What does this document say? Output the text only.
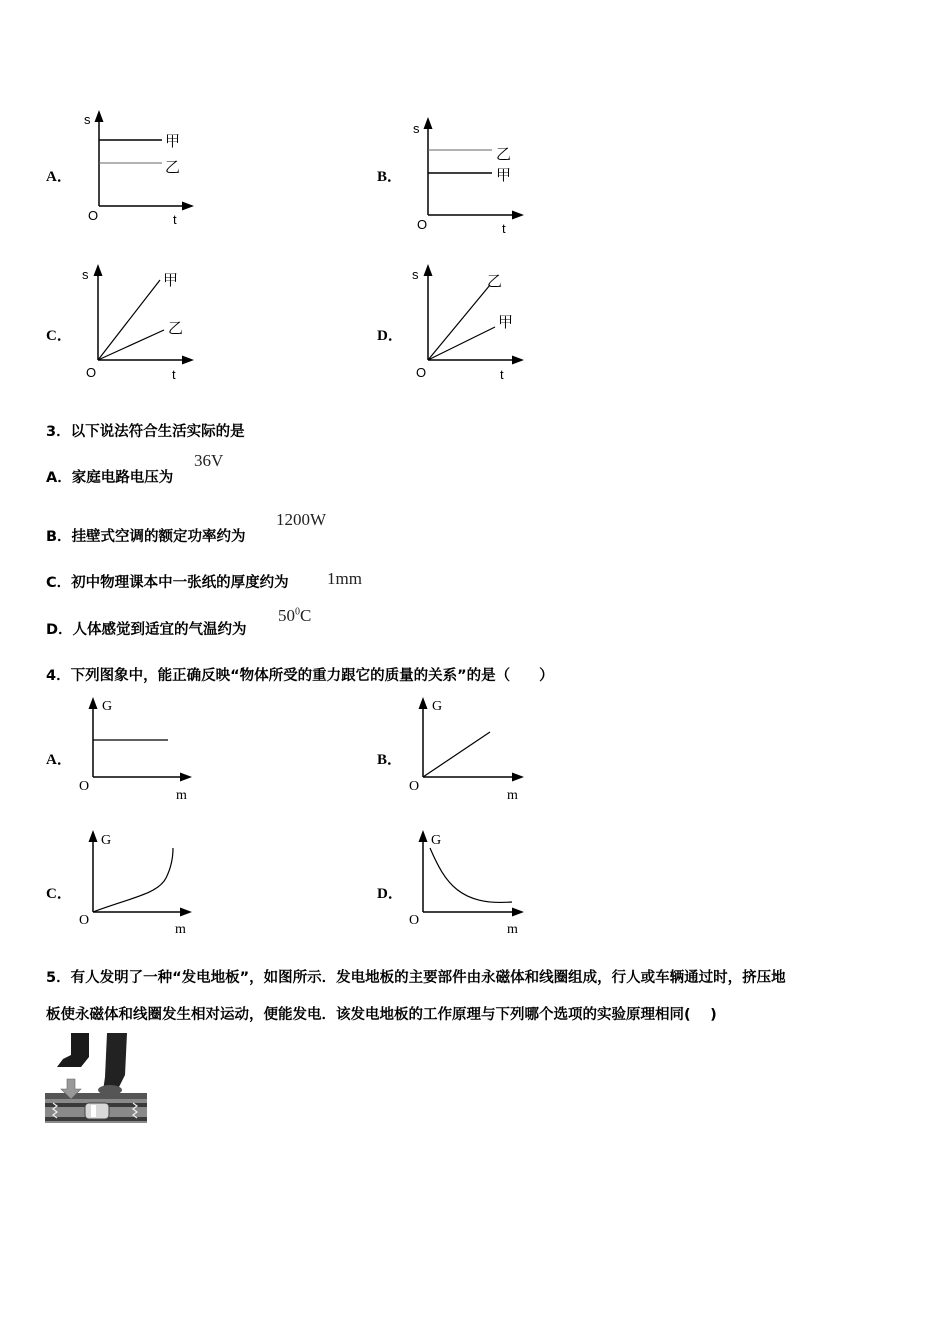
A．
s
O	t
甲
乙
B．
s
O	t
乙
甲
C．
s
O	t
甲
乙	D．
s
O	t
乙
甲
3．以下说法符合生活实际的是
A．家庭电路电压为
36V
B．挂壁式空调的额定功率约为
1200W
C．初中物理课本中一张纸的厚度约为 1mm
D．人体感觉到适宜的气温约为
$50^0C$
4．下列图象中，能正确反映“物体所受的重力跟它的质量的关系”的是（　　）
A．
G
O
m
B．
G
O
m
C．
G
O
m
D．
G
O
m
5．有人发明了一种“发电地板”，如图所示．发电地板的主要部件由永磁体和线圈组成，行人或车辆通过时，挤压地
板使永磁体和线圈发生相对运动，便能发电．该发电地板的工作原理与下列哪个选项的实验原理相同(　 )
